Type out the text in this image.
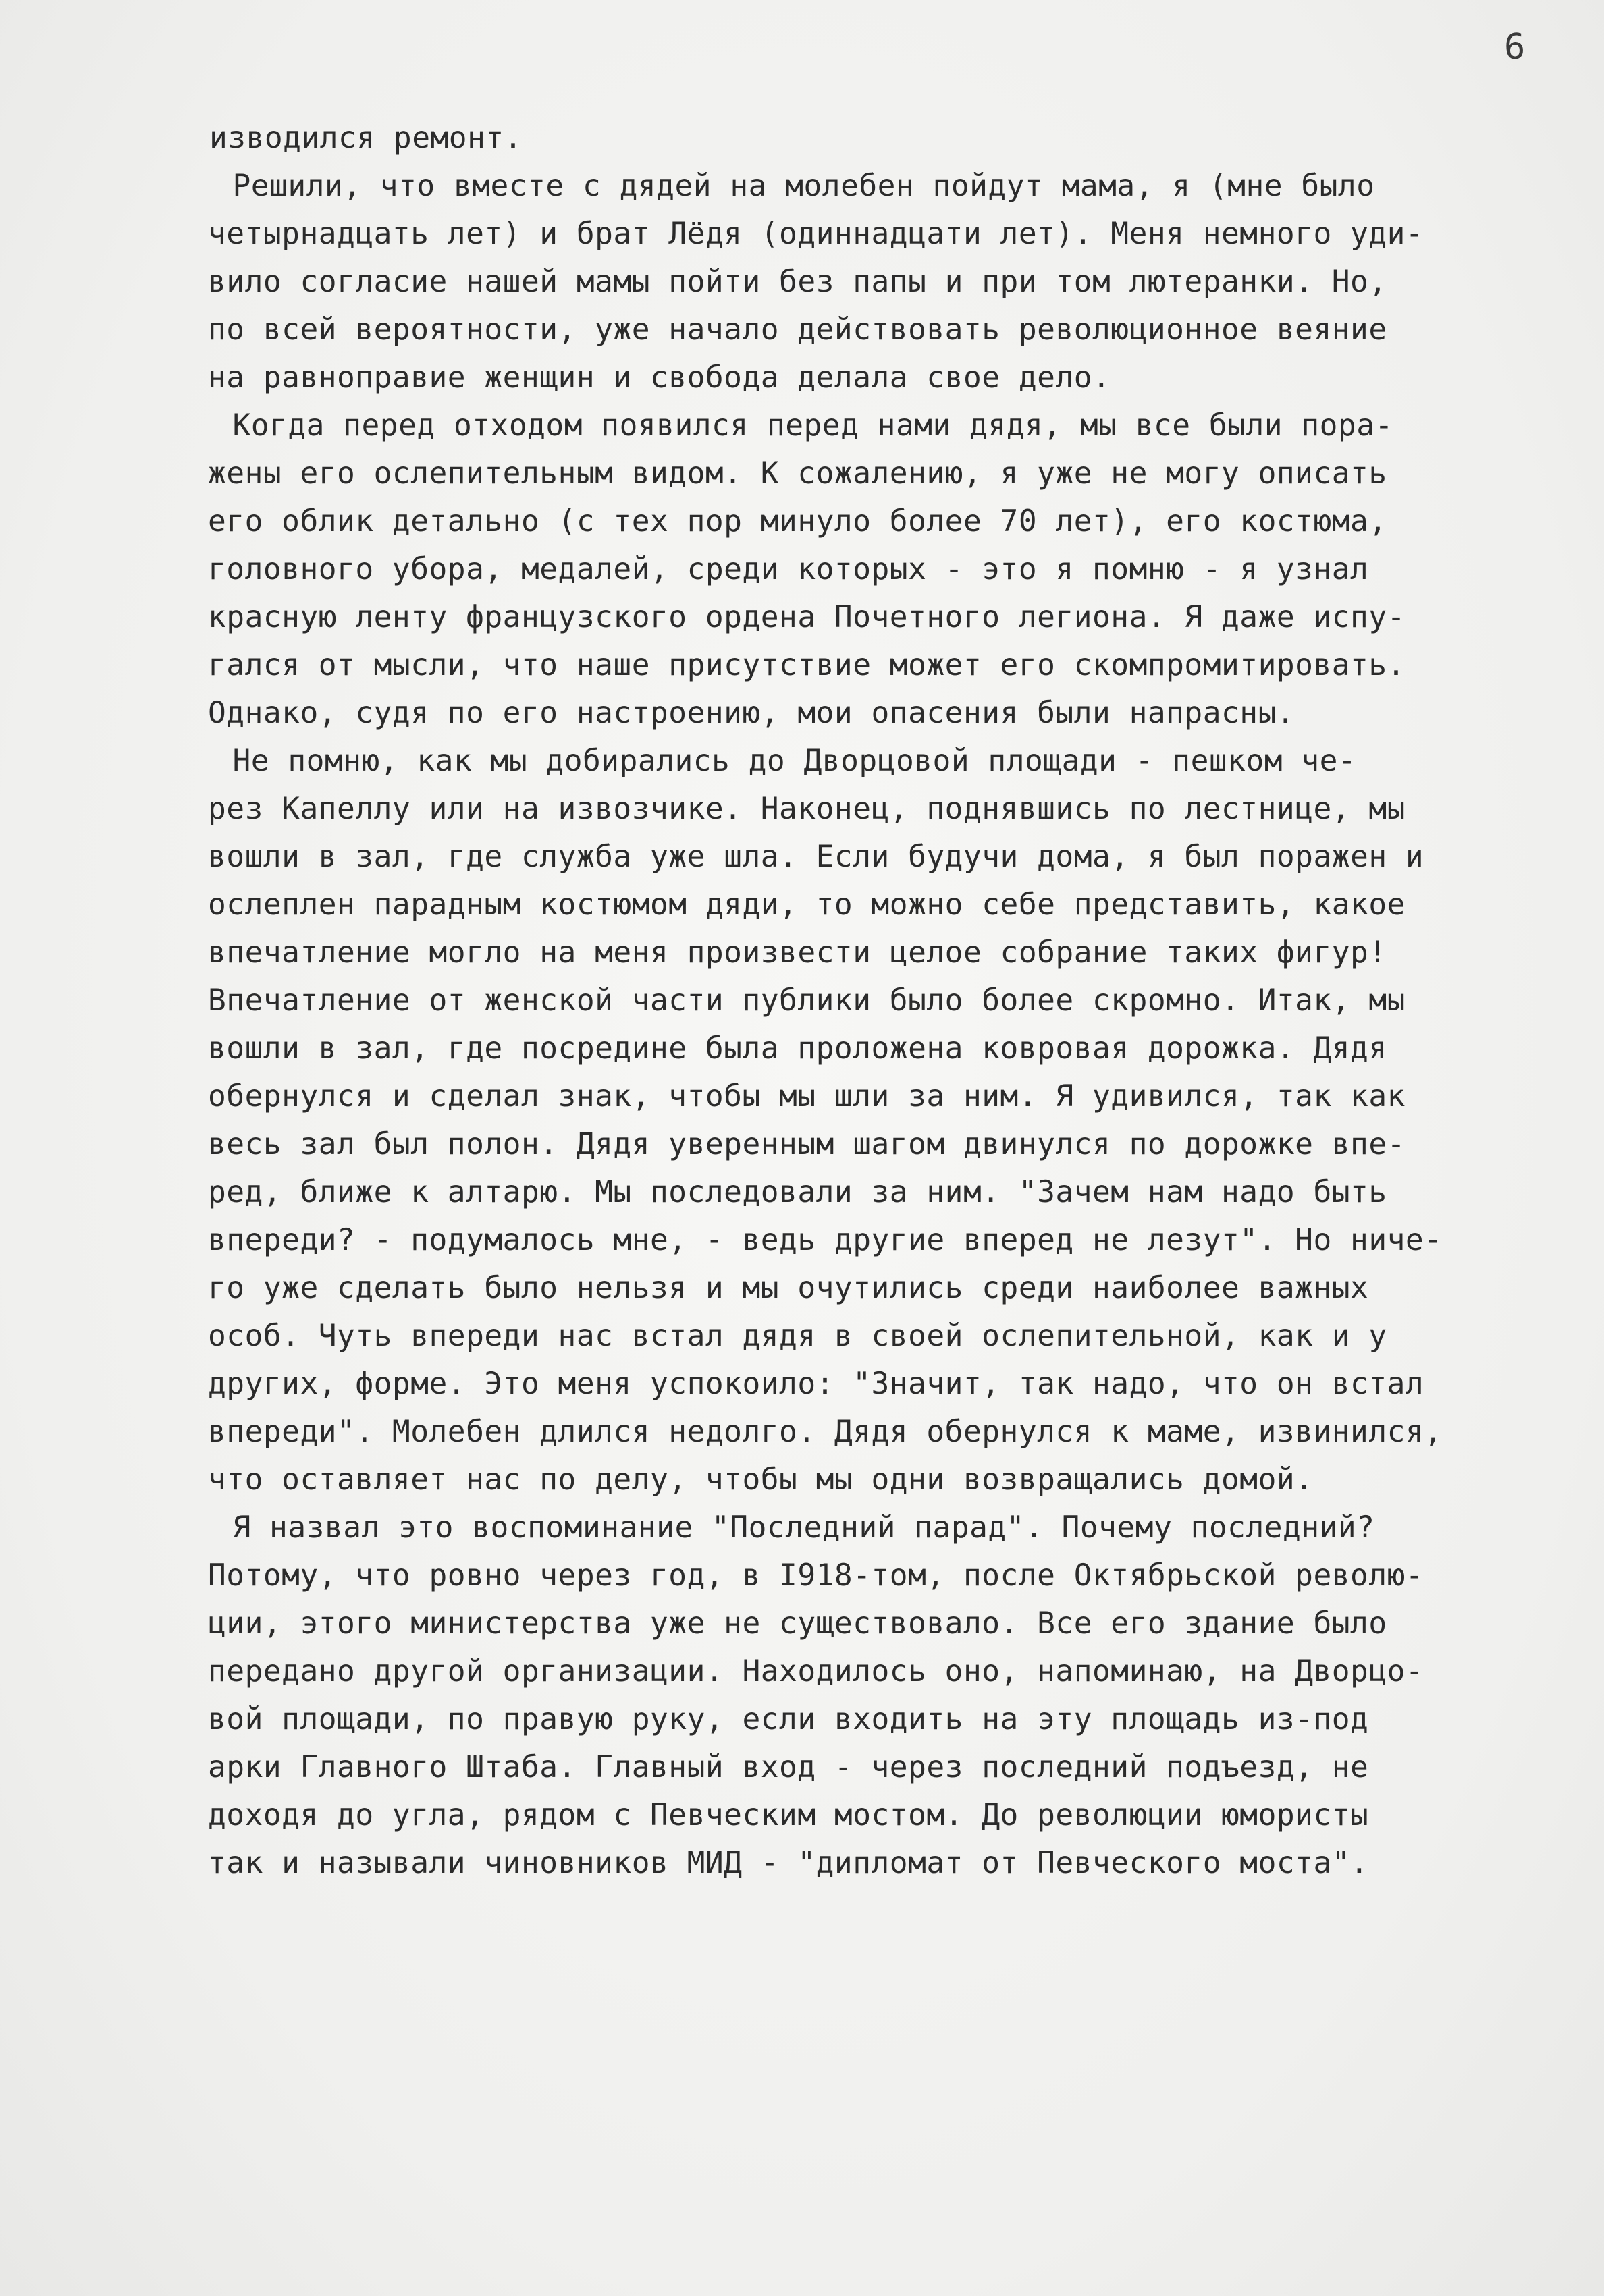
6
изводился ремонт.
Решили, что вместе с дядей на молебен пойдут мама, я (мне было
четырнадцать лет) и брат Лёдя (одиннадцати лет). Меня немного уди-
вило согласие нашей мамы пойти без папы и при том лютеранки. Но,
по всей вероятности, уже начало действовать революционное веяние
на равноправие женщин и свобода делала свое дело.
Когда перед отходом появился перед нами дядя, мы все были пора-
жены его ослепительным видом. К сожалению, я уже не могу описать
его облик детально (с тех пор минуло более 70 лет), его костюма,
головного убора, медалей, среди которых - это я помню - я узнал
красную ленту французского ордена Почетного легиона. Я даже испу-
гался от мысли, что наше присутствие может его скомпромитировать.
Однако, судя по его настроению, мои опасения были напрасны.
Не помню, как мы добирались до Дворцовой площади - пешком че-
рез Капеллу или на извозчике. Наконец, поднявшись по лестнице, мы
вошли в зал, где служба уже шла. Если будучи дома, я был поражен и
ослеплен парадным костюмом дяди, то можно себе представить, какое
впечатление могло на меня произвести целое собрание таких фигур!
Впечатление от женской части публики было более скромно. Итак, мы
вошли в зал, где посредине была проложена ковровая дорожка. Дядя
обернулся и сделал знак, чтобы мы шли за ним. Я удивился, так как
весь зал был полон. Дядя уверенным шагом двинулся по дорожке впе-
ред, ближе к алтарю. Мы последовали за ним. "Зачем нам надо быть
впереди? - подумалось мне, - ведь другие вперед не лезут". Но ниче-
го уже сделать было нельзя и мы очутились среди наиболее важных
особ. Чуть впереди нас встал дядя в своей ослепительной, как и у
других, форме. Это меня успокоило: "Значит, так надо, что он встал
впереди". Молебен длился недолго. Дядя обернулся к маме, извинился,
что оставляет нас по делу, чтобы мы одни возвращались домой.
Я назвал это воспоминание "Последний парад". Почему последний?
Потому, что ровно через год, в I918-том, после Октябрьской револю-
ции, этого министерства уже не существовало. Все его здание было
передано другой организации. Находилось оно, напоминаю, на Дворцо-
вой площади, по правую руку, если входить на эту площадь из-под
арки Главного Штаба. Главный вход - через последний подъезд, не
доходя до угла, рядом с Певческим мостом. До революции юмористы
так и называли чиновников МИД - "дипломат от Певческого моста".
